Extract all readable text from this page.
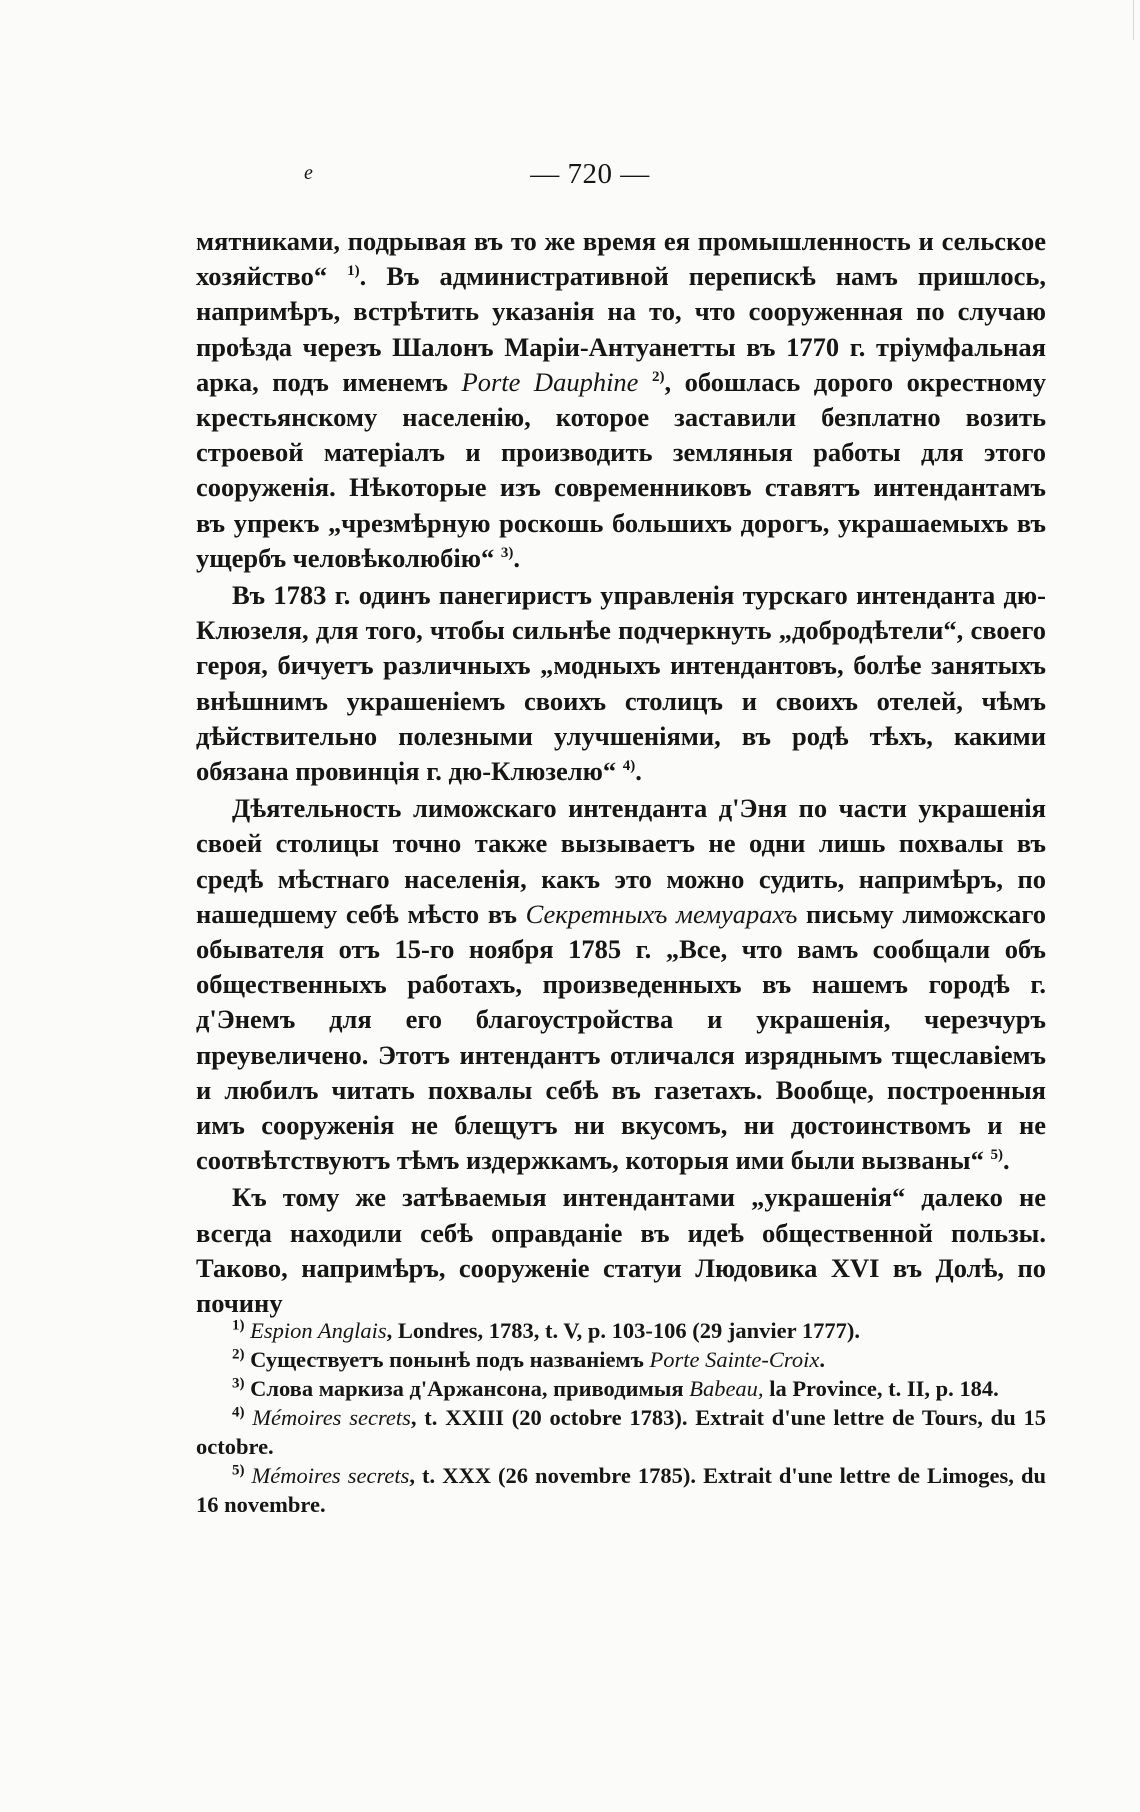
e	— 720 —

мятниками, подрывая въ то же время ея промышленность и сельское хозяйство“ $^{1)}$. Въ административной перепискѣ намъ пришлось, напримѣръ, встрѣтить указанія на то, что сооруженная по случаю проѣзда черезъ Шалонъ Маріи-Антуанетты въ 1770 г. тріумфальная арка, подъ именемъ Porte Dauphine $^{2)}$, обошлась дорого окрестному крестьянскому населенію, которое заставили безплатно возить строевой матеріалъ и производить земляныя работы для этого сооруженія. Нѣкоторые изъ современниковъ ставятъ интендантамъ въ упрекъ „чрезмѣрную роскошь большихъ дорогъ, украшаемыхъ въ ущербъ человѣколюбію“ $^{3)}$.

Въ 1783 г. одинъ панегиристъ управленія турскаго интенданта дю-Клюзеля, для того, чтобы сильнѣе подчеркнуть „добродѣтели“, своего героя, бичуетъ различныхъ „модныхъ интендантовъ, болѣе занятыхъ внѣшнимъ украшеніемъ своихъ столицъ и своихъ отелей, чѣмъ дѣйствительно полезными улучшеніями, въ родѣ тѣхъ, какими обязана провинція г. дю-Клюзелю“ $^{4)}$.

Дѣятельность лиможскаго интенданта д'Эня по части украшенія своей столицы точно также вызываетъ не одни лишь похвалы въ средѣ мѣстнаго населенія, какъ это можно судить, напримѣръ, по нашедшему себѣ мѣсто въ Секретныхъ мемуарахъ письму лиможскаго обывателя отъ 15-го ноября 1785 г. „Все, что вамъ сообщали объ общественныхъ работахъ, произведенныхъ въ нашемъ городѣ г. д'Энемъ для его благоустройства и украшенія, черезчуръ преувеличено. Этотъ интендантъ отличался изряднымъ тщеславіемъ и любилъ читать похвалы себѣ въ газетахъ. Вообще, построенныя имъ сооруженія не блещутъ ни вкусомъ, ни достоинствомъ и не соотвѣтствуютъ тѣмъ издержкамъ, которыя ими были вызваны“ $^{5)}$.

Къ тому же затѣваемыя интендантами „украшенія“ далеко не всегда находили себѣ оправданіе въ идеѣ общественной пользы. Таково, напримѣръ, сооруженіе статуи Людовика XVI въ Долѣ, по почину

$^{1)}$ Espion Anglais, Londres, 1783, t. V, p. 103-106 (29 janvier 1777).

$^{2)}$ Существуетъ понынѣ подъ названіемъ Porte Sainte-Croix.

$^{3)}$ Слова маркиза д'Аржансона, приводимыя Babeau, la Province, t. II, p. 184.

$^{4)}$ Mémoires secrets, t. XXIII (20 octobre 1783). Extrait d'une lettre de Tours, du 15 octobre.

$^{5)}$ Mémoires secrets, t. XXX (26 novembre 1785). Extrait d'une lettre de Limoges, du 16 novembre.
